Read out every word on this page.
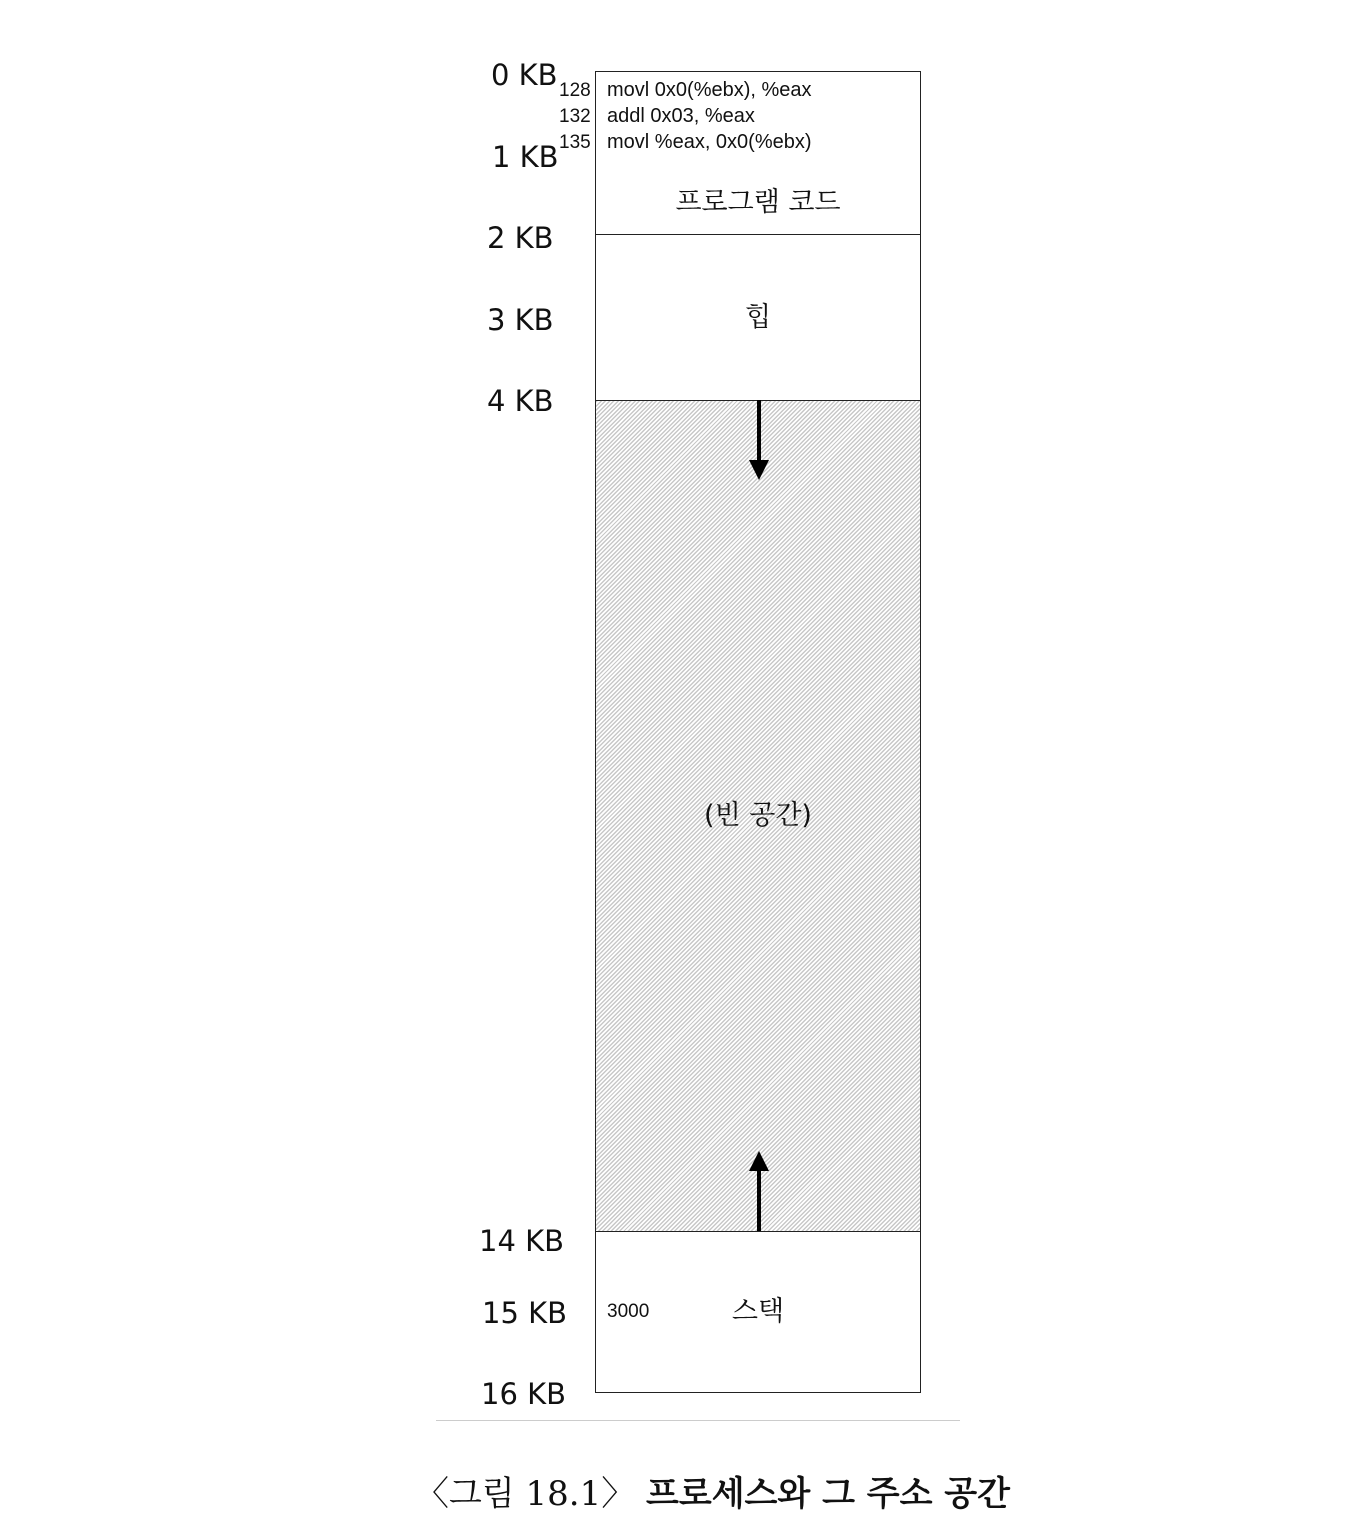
0 KB
1 KB
2 KB
3 KB
4 KB
14 KB
15 KB
16 KB
128
132
135
movl 0x0(%ebx), %eax
addl 0x03, %eax
movl %eax, 0x0(%ebx)
프로그램 코드
힙
(빈 공간)
3000	스택
〈그림 18.1〉 프로세스와 그 주소 공간
